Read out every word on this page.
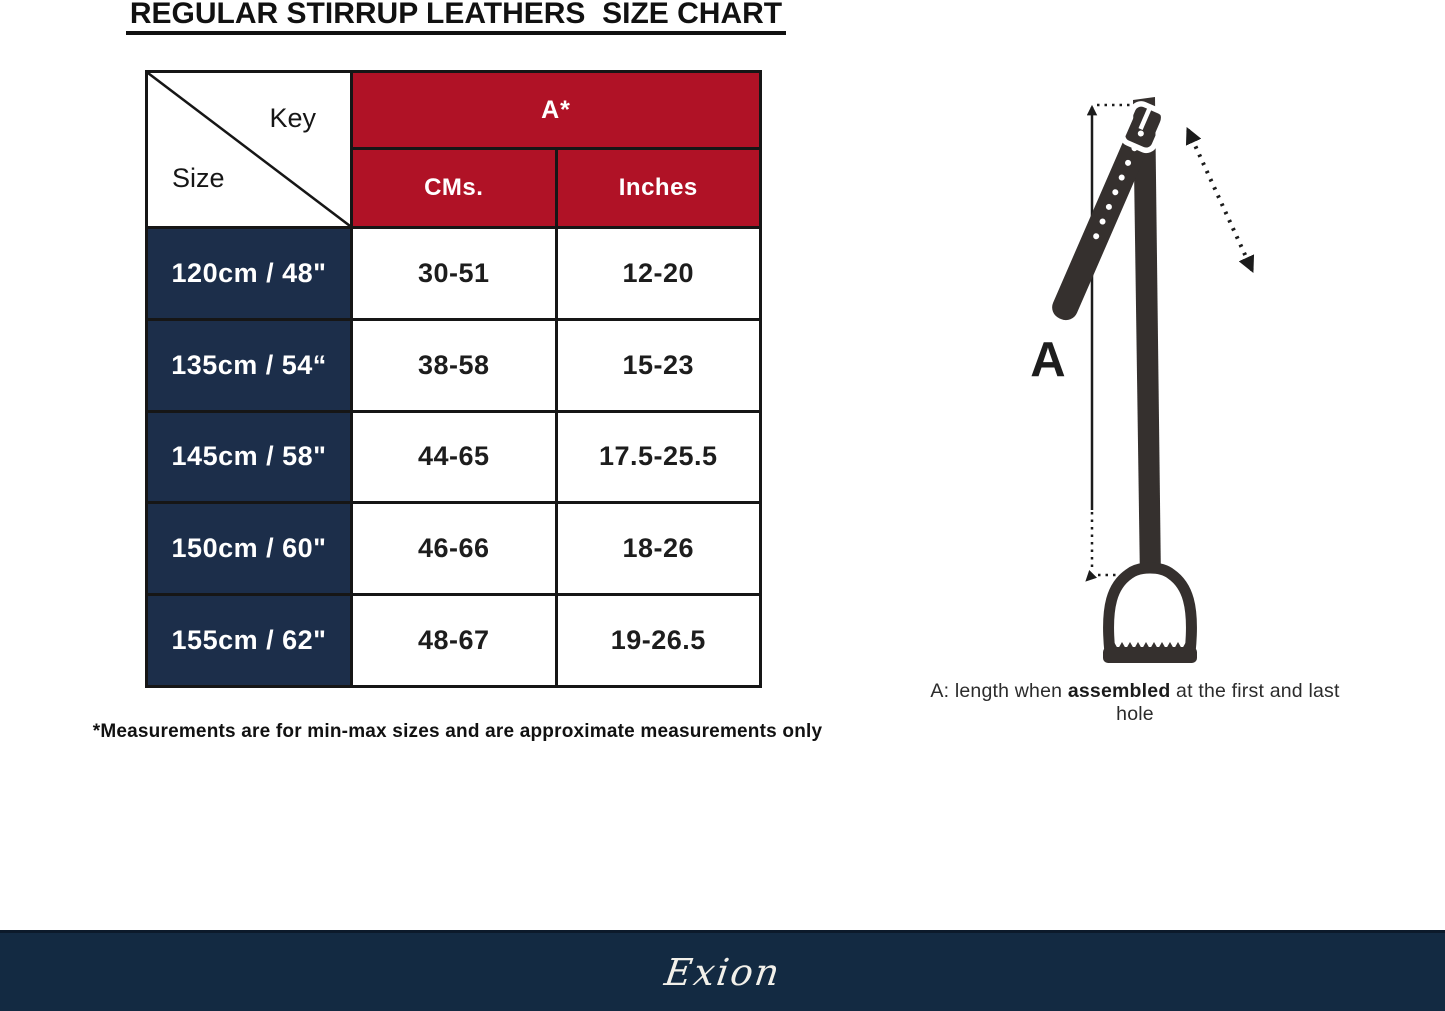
REGULAR STIRRUP LEATHERS  SIZE CHART
Key
Size
A*
CMs.	Inches
120cm / 48"	30-51	12-20
135cm / 54“	38-58	15-23
145cm / 58"	44-65	17.5-25.5
150cm / 60"	46-66	18-26
155cm / 62"	48-67	19-26.5

*Measurements are for min-max sizes and are approximate measurements only

A

A: length when assembled at the first and last hole

Exion
